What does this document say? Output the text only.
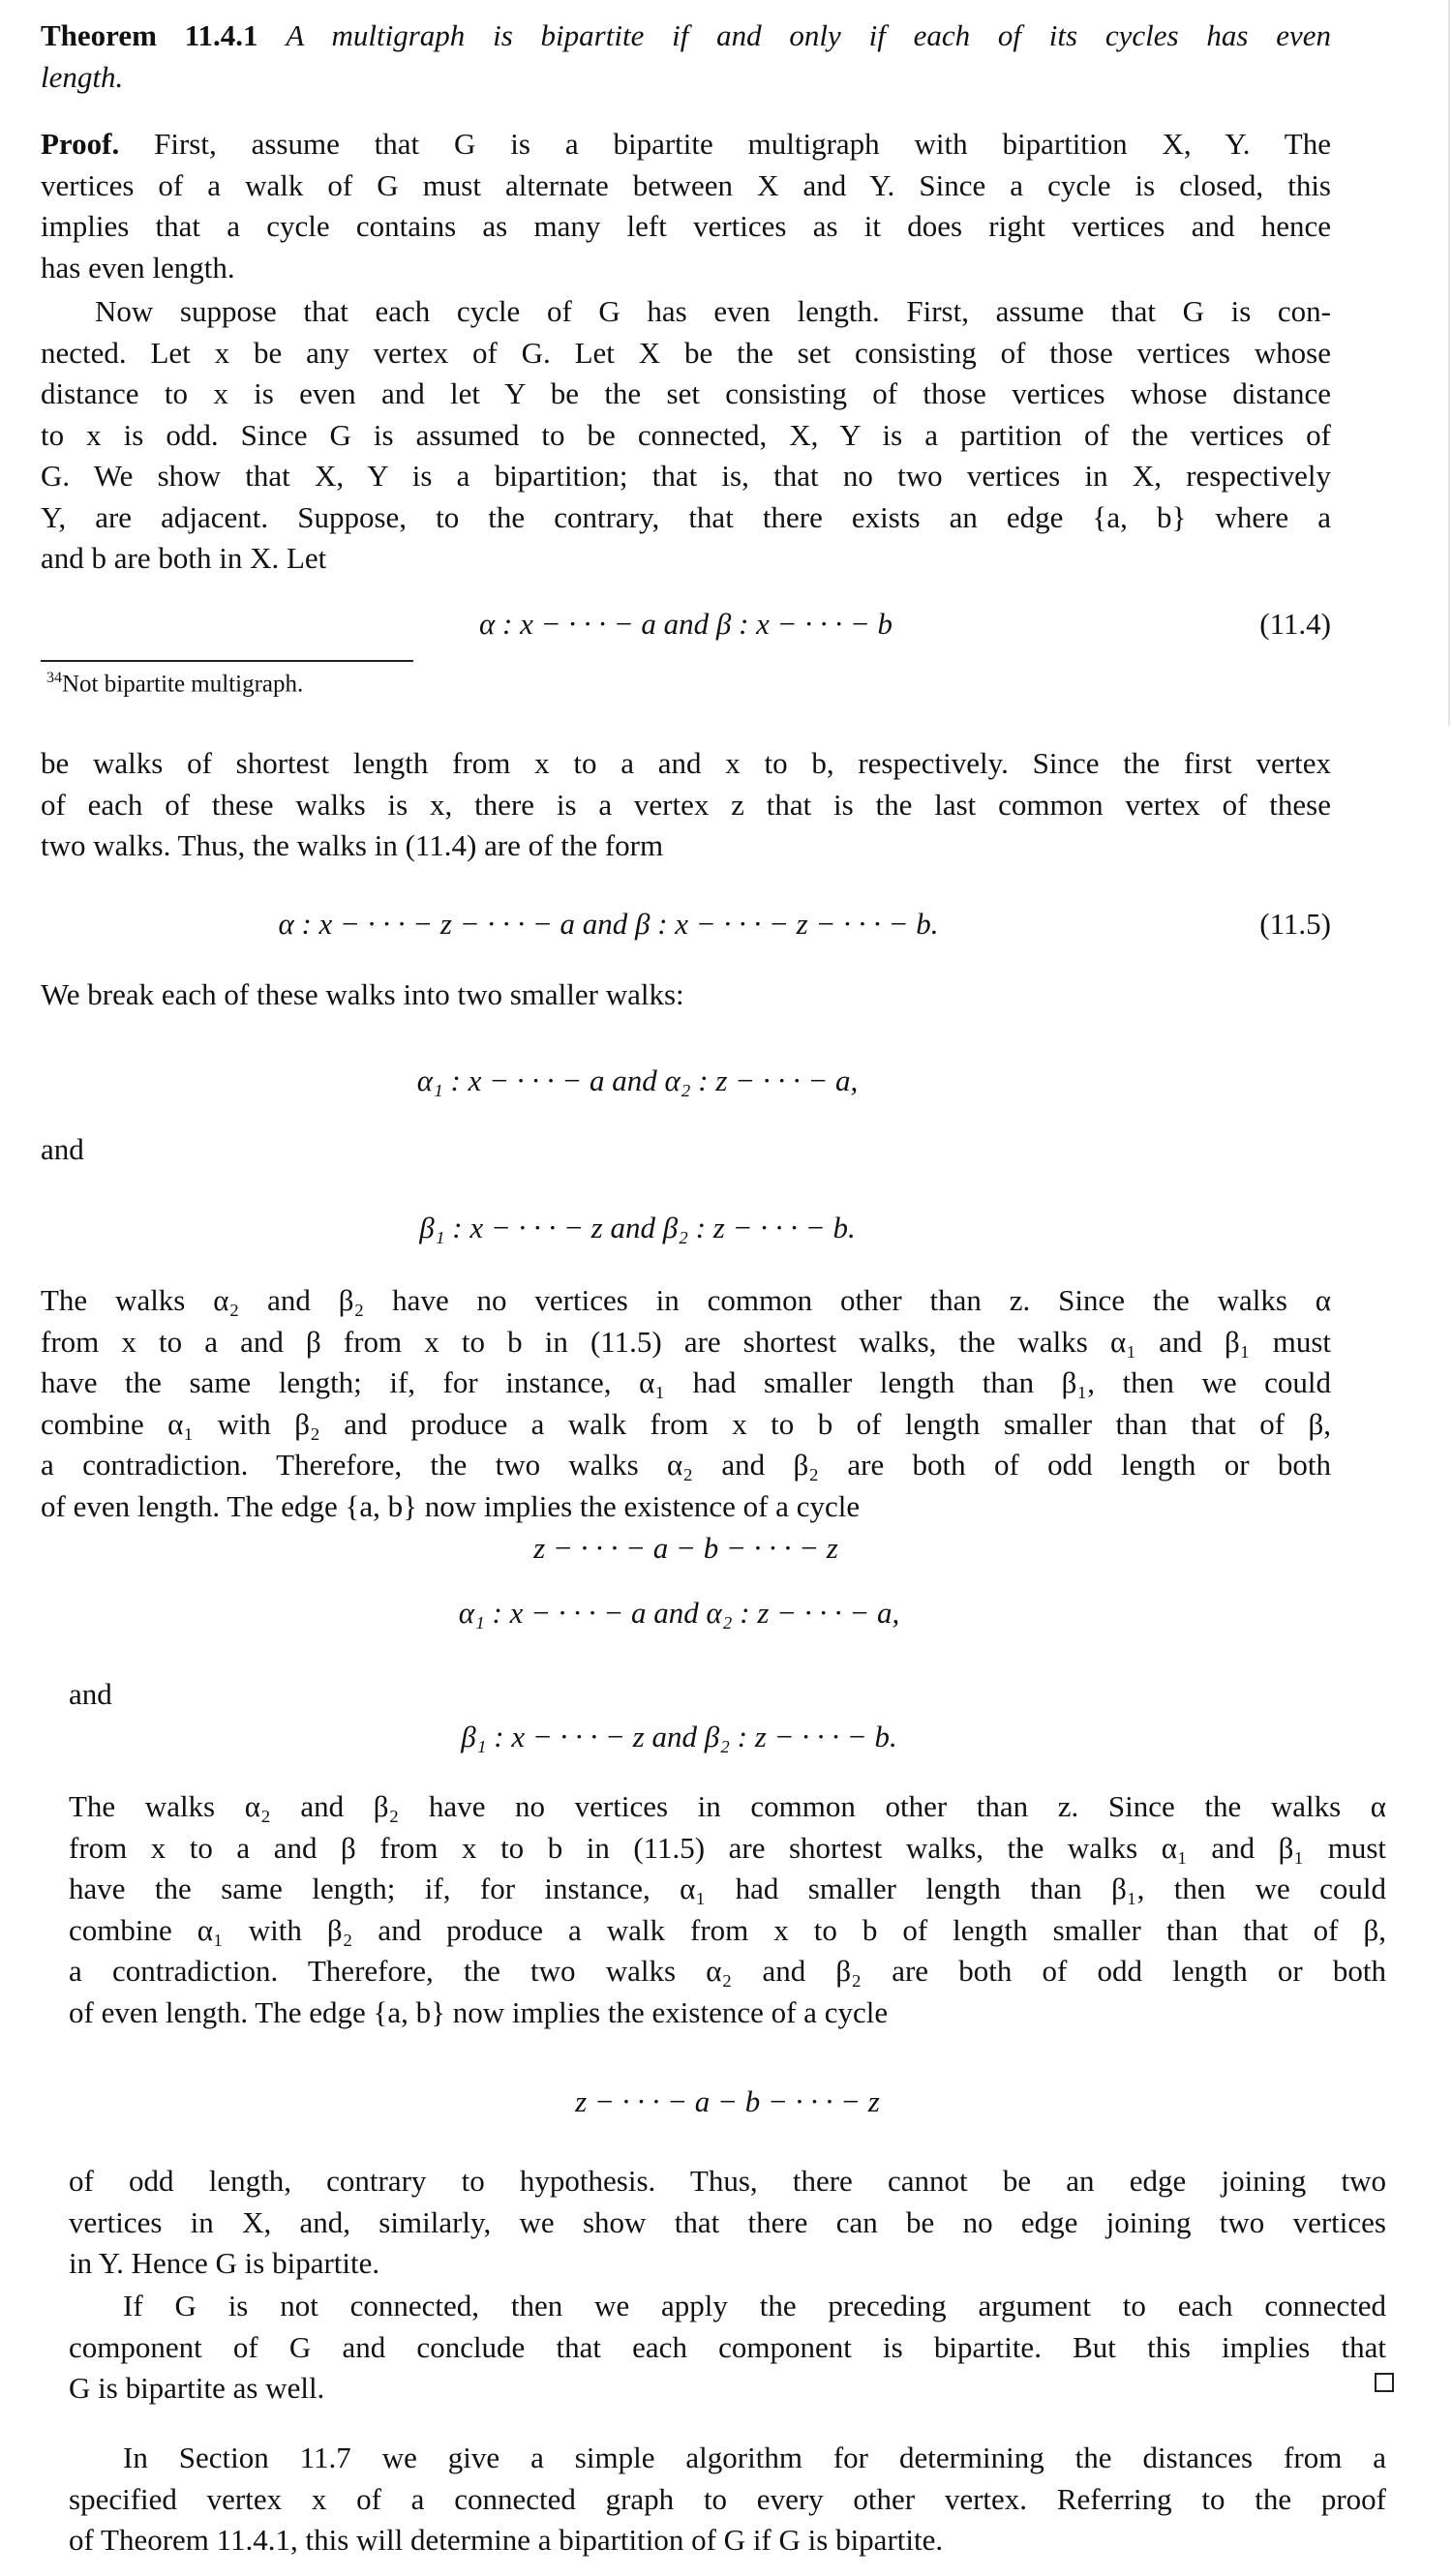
Theorem 11.4.1 A multigraph is bipartite if and only if each of its cycles has even
length.
Proof. First, assume that G is a bipartite multigraph with bipartition X, Y. The
vertices of a walk of G must alternate between X and Y. Since a cycle is closed, this
implies that a cycle contains as many left vertices as it does right vertices and hence
has even length.
Now suppose that each cycle of G has even length. First, assume that G is con-
nected. Let x be any vertex of G. Let X be the set consisting of those vertices whose
distance to x is even and let Y be the set consisting of those vertices whose distance
to x is odd. Since G is assumed to be connected, X, Y is a partition of the vertices of
G. We show that X, Y is a bipartition; that is, that no two vertices in X, respectively
Y, are adjacent. Suppose, to the contrary, that there exists an edge {a, b} where a
and b are both in X. Let
α : x − · · · − a and β : x − · · · − b	(11.4)
$^{34}$Not bipartite multigraph.
be walks of shortest length from x to a and x to b, respectively. Since the first vertex
of each of these walks is x, there is a vertex z that is the last common vertex of these
two walks. Thus, the walks in (11.4) are of the form
α : x − · · · − z − · · · − a and β : x − · · · − z − · · · − b.	(11.5)
We break each of these walks into two smaller walks:
α₁ : x − · · · − a and α₂ : z − · · · − a,
and
β₁ : x − · · · − z and β₂ : z − · · · − b.
The walks α₂ and β₂ have no vertices in common other than z. Since the walks α
from x to a and β from x to b in (11.5) are shortest walks, the walks α₁ and β₁ must
have the same length; if, for instance, α₁ had smaller length than β₁, then we could
combine α₁ with β₂ and produce a walk from x to b of length smaller than that of β,
a contradiction. Therefore, the two walks α₂ and β₂ are both of odd length or both
of even length. The edge {a, b} now implies the existence of a cycle
z − · · · − a − b − · · · − z
α₁ : x − · · · − a and α₂ : z − · · · − a,
and
β₁ : x − · · · − z and β₂ : z − · · · − b.
The walks α₂ and β₂ have no vertices in common other than z. Since the walks α
from x to a and β from x to b in (11.5) are shortest walks, the walks α₁ and β₁ must
have the same length; if, for instance, α₁ had smaller length than β₁, then we could
combine α₁ with β₂ and produce a walk from x to b of length smaller than that of β,
a contradiction. Therefore, the two walks α₂ and β₂ are both of odd length or both
of even length. The edge {a, b} now implies the existence of a cycle
z − · · · − a − b − · · · − z
of odd length, contrary to hypothesis. Thus, there cannot be an edge joining two
vertices in X, and, similarly, we show that there can be no edge joining two vertices
in Y. Hence G is bipartite.
If G is not connected, then we apply the preceding argument to each connected
component of G and conclude that each component is bipartite. But this implies that
G is bipartite as well.
In Section 11.7 we give a simple algorithm for determining the distances from a
specified vertex x of a connected graph to every other vertex. Referring to the proof
of Theorem 11.4.1, this will determine a bipartition of G if G is bipartite.
